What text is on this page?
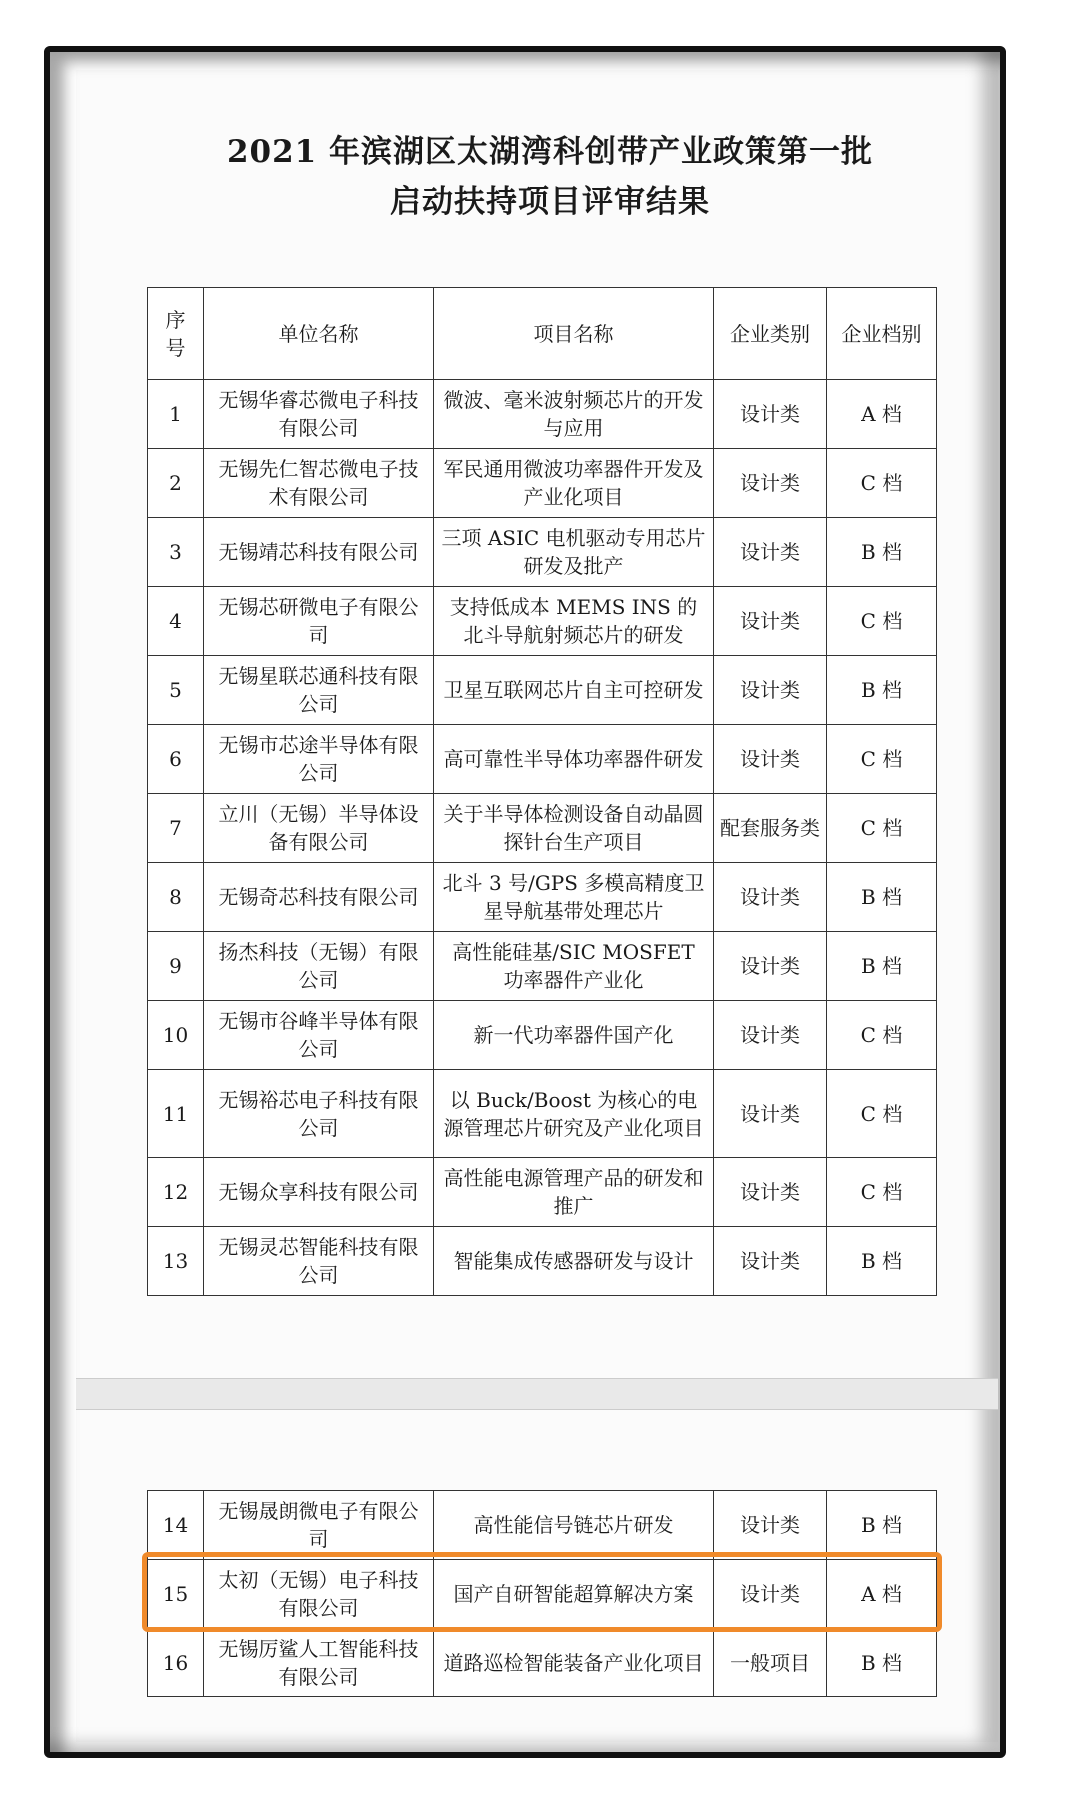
2021 年滨湖区太湖湾科创带产业政策第一批
启动扶持项目评审结果
序号	单位名称	项目名称	企业类别	企业档别
1	无锡华睿芯微电子科技有限公司	微波、毫米波射频芯片的开发与应用	设计类	A 档
2	无锡先仁智芯微电子技术有限公司	军民通用微波功率器件开发及产业化项目	设计类	C 档
3	无锡靖芯科技有限公司	三项 ASIC 电机驱动专用芯片研发及批产	设计类	B 档
4	无锡芯研微电子有限公司	支持低成本 MEMS INS 的北斗导航射频芯片的研发	设计类	C 档
5	无锡星联芯通科技有限公司	卫星互联网芯片自主可控研发	设计类	B 档
6	无锡市芯途半导体有限公司	高可靠性半导体功率器件研发	设计类	C 档
7	立川（无锡）半导体设备有限公司	关于半导体检测设备自动晶圆探针台生产项目	配套服务类	C 档
8	无锡奇芯科技有限公司	北斗 3 号/GPS 多模高精度卫星导航基带处理芯片	设计类	B 档
9	扬杰科技（无锡）有限公司	高性能硅基/SIC MOSFET 功率器件产业化	设计类	B 档
10	无锡市谷峰半导体有限公司	新一代功率器件国产化	设计类	C 档
11	无锡裕芯电子科技有限公司	以 Buck/Boost 为核心的电源管理芯片研究及产业化项目	设计类	C 档
12	无锡众享科技有限公司	高性能电源管理产品的研发和推广	设计类	C 档
13	无锡灵芯智能科技有限公司	智能集成传感器研发与设计	设计类	B 档
14	无锡晟朗微电子有限公司	高性能信号链芯片研发	设计类	B 档
15	太初（无锡）电子科技有限公司	国产自研智能超算解决方案	设计类	A 档
16	无锡厉鲨人工智能科技有限公司	道路巡检智能装备产业化项目	一般项目	B 档
